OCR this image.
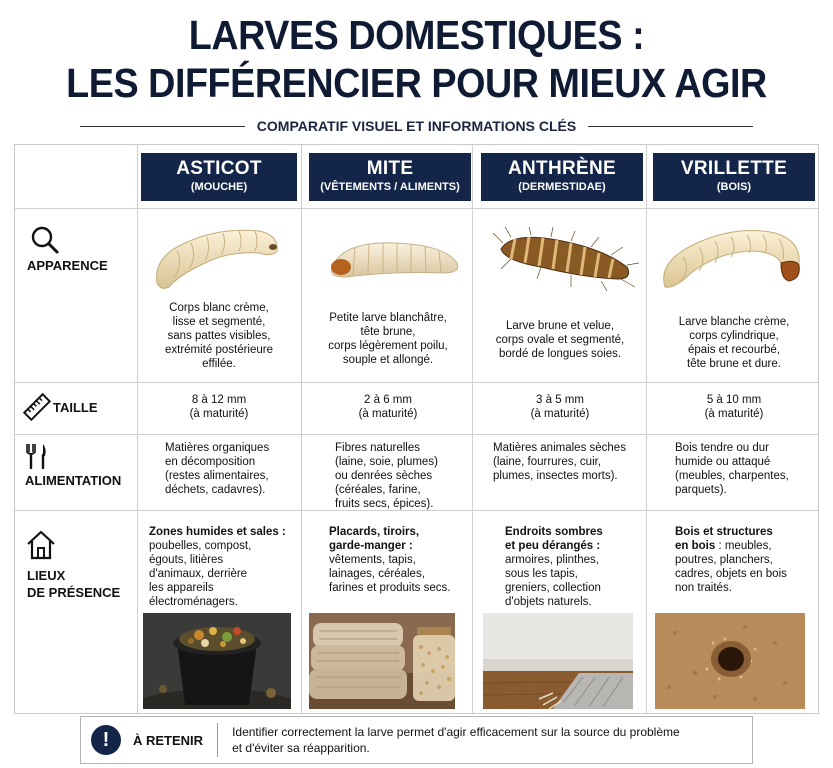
LARVES DOMESTIQUES :
LES DIFFÉRENCIER POUR MIEUX AGIR
COMPARATIF VISUEL ET INFORMATIONS CLÉS
ASTICOT
(MOUCHE)
MITE
(VÊTEMENTS / ALIMENTS)
ANTHRÈNE
(DERMESTIDAE)
VRILLETTE
(BOIS)
APPARENCE
TAILLE
ALIMENTATION
LIEUX
DE PRÉSENCE
Corps blanc crème,
lisse et segmenté,
sans pattes visibles,
extrémité postérieure
effilée.
Petite larve blanchâtre,
tête brune,
corps légèrement poilu,
souple et allongé.
Larve brune et velue,
corps ovale et segmenté,
bordé de longues soies.
Larve blanche crème,
corps cylindrique,
épais et recourbé,
tête brune et dure.
8 à 12 mm
(à maturité)
2 à 6 mm
(à maturité)
3 à 5 mm
(à maturité)
5 à 10 mm
(à maturité)
Matières organiques
en décomposition
(restes alimentaires,
déchets, cadavres).
Fibres naturelles
(laine, soie, plumes)
ou denrées sèches
(céréales, farine,
fruits secs, épices).
Matières animales sèches
(laine, fourrures, cuir,
plumes, insectes morts).
Bois tendre ou dur
humide ou attaqué
(meubles, charpentes,
parquets).
Zones humides et sales :
poubelles, compost,
égouts, litières
d'animaux, derrière
les appareils électroménagers.
Placards, tiroirs,
garde-manger :
vêtements, tapis,
lainages, céréales,
farines et produits secs.
Endroits sombres
et peu dérangés :
armoires, plinthes,
sous les tapis,
greniers, collection
d'objets naturels.
Bois et structures
en bois : meubles,
poutres, planchers,
cadres, objets en bois
non traités.
!	À RETENIR
Identifier correctement la larve permet d'agir efficacement sur la source du problème
et d'éviter sa réapparition.
